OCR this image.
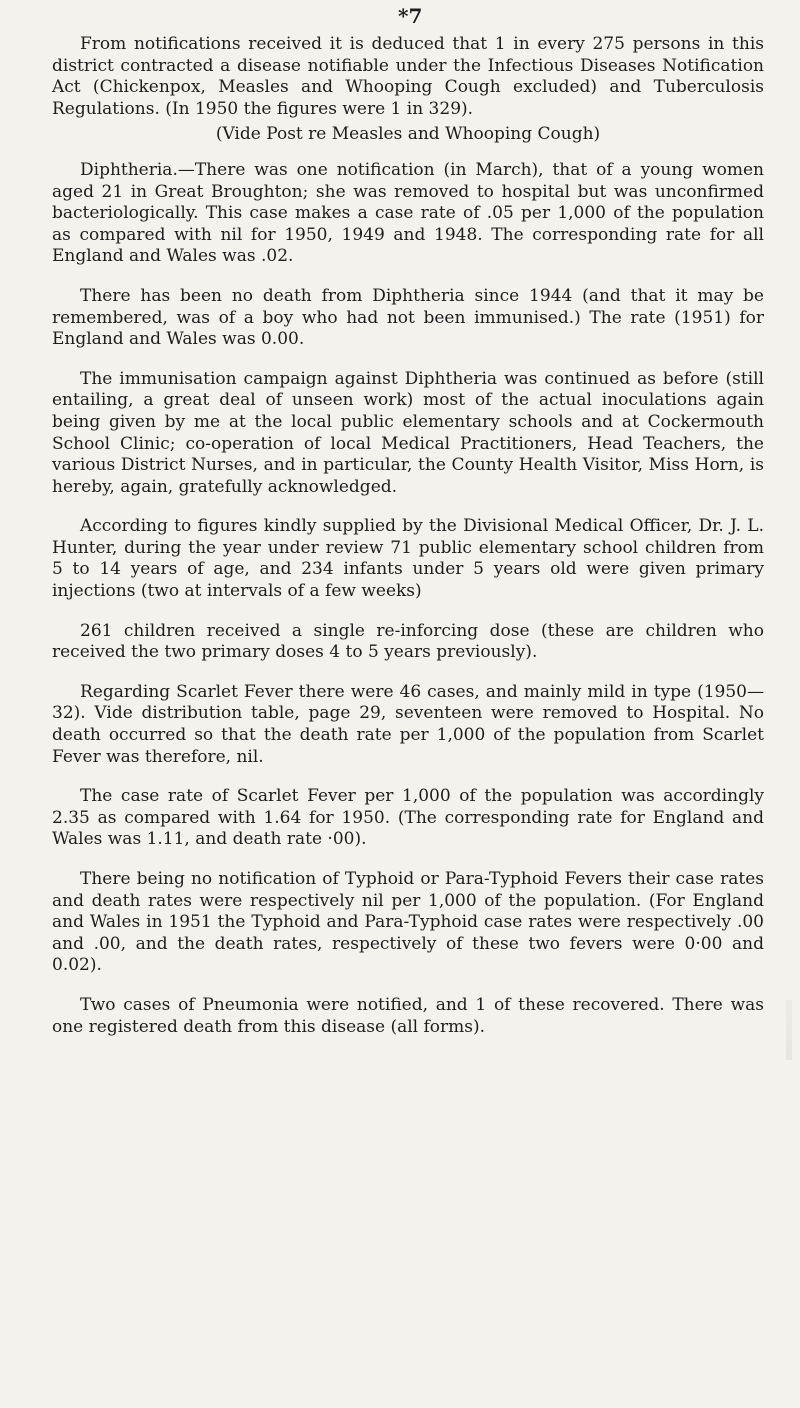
*7

From notifications received it is deduced that 1 in every 275 persons in this district contracted a disease notifiable under the Infectious Diseases Notification Act (Chickenpox, Measles and Whooping Cough excluded) and Tuberculosis Regulations. (In 1950 the figures were 1 in 329).

(Vide Post re Measles and Whooping Cough)

Diphtheria.—There was one notification (in March), that of a young women aged 21 in Great Broughton; she was removed to hospital but was unconfirmed bacteriologically. This case makes a case rate of .05 per 1,000 of the population as compared with nil for 1950, 1949 and 1948. The corresponding rate for all England and Wales was .02.

There has been no death from Diphtheria since 1944 (and that it may be remembered, was of a boy who had not been immunised.) The rate (1951) for England and Wales was 0.00.

The immunisation campaign against Diphtheria was continued as before (still entailing, a great deal of unseen work) most of the actual inoculations again being given by me at the local public elementary schools and at Cockermouth School Clinic; co-operation of local Medical Practitioners, Head Teachers, the various District Nurses, and in particular, the County Health Visitor, Miss Horn, is hereby, again, gratefully acknowledged.

According to figures kindly supplied by the Divisional Medical Officer, Dr. J. L. Hunter, during the year under review 71 public elementary school children from 5 to 14 years of age, and 234 infants under 5 years old were given primary injections (two at intervals of a few weeks)

261 children received a single re-inforcing dose (these are children who received the two primary doses 4 to 5 years previously).

Regarding Scarlet Fever there were 46 cases, and mainly mild in type (1950—32). Vide distribution table, page 29, seventeen were removed to Hospital. No death occurred so that the death rate per 1,000 of the population from Scarlet Fever was therefore, nil.

The case rate of Scarlet Fever per 1,000 of the population was accordingly 2.35 as compared with 1.64 for 1950. (The corresponding rate for England and Wales was 1.11, and death rate ·00).

There being no notification of Typhoid or Para-Typhoid Fevers their case rates and death rates were respectively nil per 1,000 of the population. (For England and Wales in 1951 the Typhoid and Para-Typhoid case rates were respectively .00 and .00, and the death rates, respectively of these two fevers were 0·00 and 0.02).

Two cases of Pneumonia were notified, and 1 of these recovered. There was one registered death from this disease (all forms).
